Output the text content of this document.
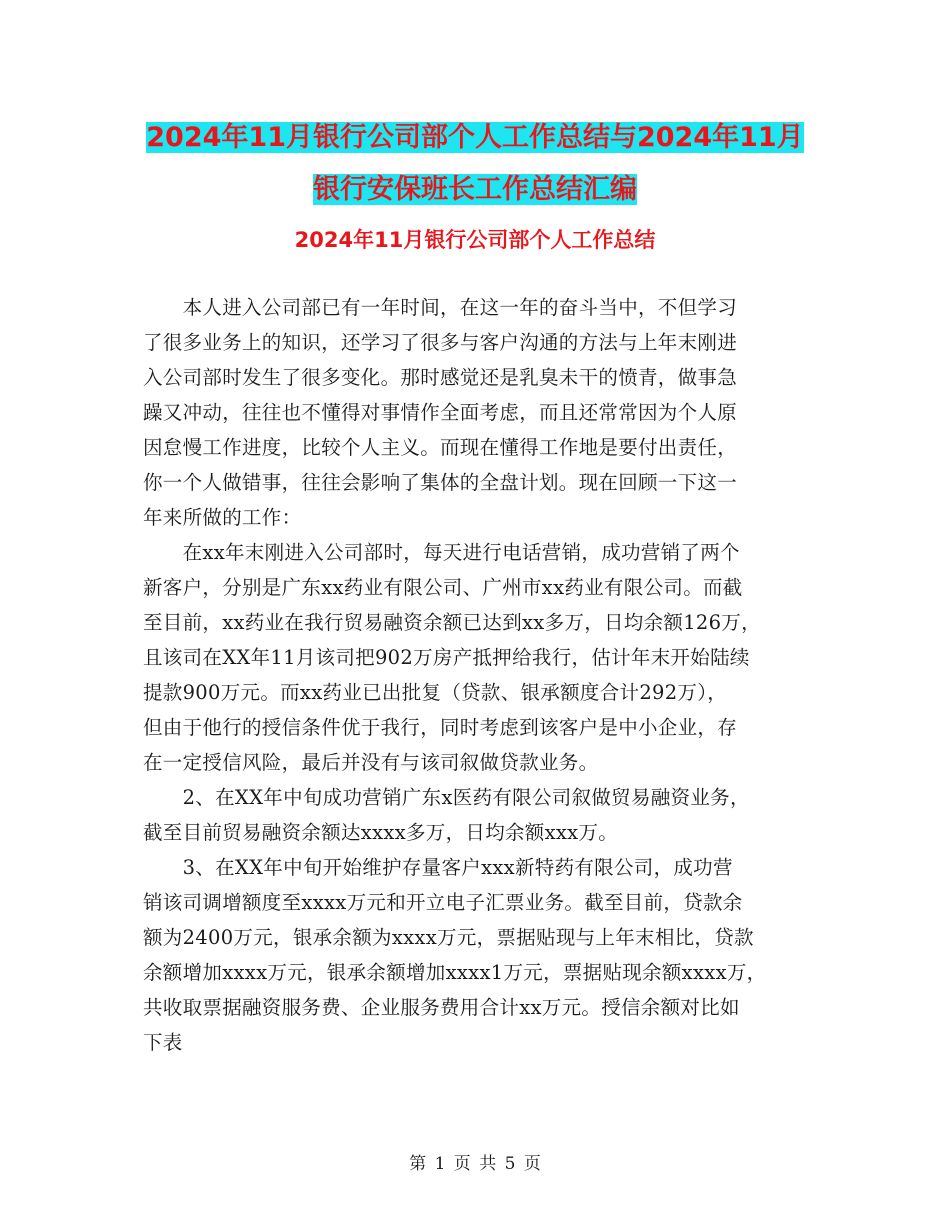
2024年11月银行公司部个人工作总结与2024年11月
银行安保班长工作总结汇编
2024年11月银行公司部个人工作总结

　　本人进入公司部已有一年时间，在这一年的奋斗当中，不但学习

了很多业务上的知识，还学习了很多与客户沟通的方法与上年末刚进

入公司部时发生了很多变化。那时感觉还是乳臭未干的愤青，做事急

躁又冲动，往往也不懂得对事情作全面考虑，而且还常常因为个人原

因怠慢工作进度，比较个人主义。而现在懂得工作地是要付出责任，

你一个人做错事，往往会影响了集体的全盘计划。现在回顾一下这一

年来所做的工作：

　　在xx年末刚进入公司部时，每天进行电话营销，成功营销了两个

新客户，分别是广东xx药业有限公司、广州市xx药业有限公司。而截

至目前，xx药业在我行贸易融资余额已达到xx多万，日均余额126万，

且该司在XX年11月该司把902万房产抵押给我行，估计年末开始陆续

提款900万元。而xx药业已出批复（贷款、银承额度合计292万），

但由于他行的授信条件优于我行，同时考虑到该客户是中小企业，存

在一定授信风险，最后并没有与该司叙做贷款业务。

　　2、在XX年中旬成功营销广东x医药有限公司叙做贸易融资业务，

截至目前贸易融资余额达xxxx多万，日均余额xxx万。

　　3、在XX年中旬开始维护存量客户xxx新特药有限公司，成功营

销该司调增额度至xxxx万元和开立电子汇票业务。截至目前，贷款余

额为2400万元，银承余额为xxxx万元，票据贴现与上年末相比，贷款

余额增加xxxx万元，银承余额增加xxxx1万元，票据贴现余额xxxx万，

共收取票据融资服务费、企业服务费用合计xx万元。授信余额对比如

下表

第 1 页 共 5 页
